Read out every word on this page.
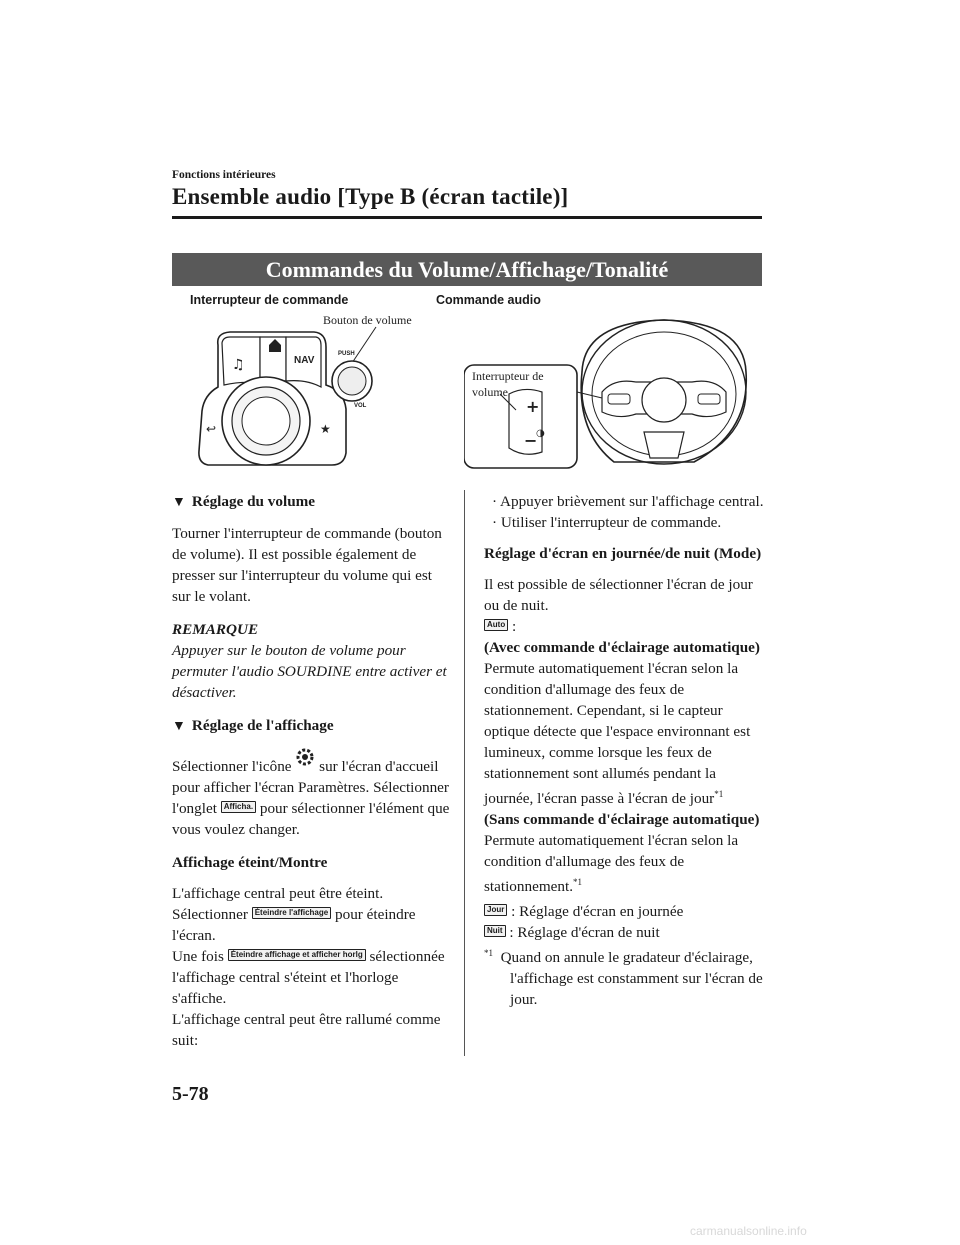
Fonctions intérieures
Ensemble audio [Type B (écran tactile)]
Commandes du Volume/Affichage/Tonalité
Interrupteur de commande
Bouton de volume
♫	NAV
↩	★
PUSH
VOL
Commande audio
+
◑
−
Interrupteur de
volume

▼ Réglage du volume

Tourner l'interrupteur de commande (bouton de volume). Il est possible également de presser sur l'interrupteur du volume qui est sur le volant.

REMARQUE

Appuyer sur le bouton de volume pour permuter l'audio SOURDINE entre activer et désactiver.

▼ Réglage de l'affichage

Sélectionner l'icône sur l'écran d'accueil pour afficher l'écran Paramètres. Sélectionner l'onglet Afficha. pour sélectionner l'élément que vous voulez changer.

Affichage éteint/Montre

L'affichage central peut être éteint.
Sélectionner Éteindre l'affichage pour éteindre l'écran.
Une fois Éteindre affichage et afficher horlg sélectionnée l'affichage central s'éteint et l'horloge s'affiche.
L'affichage central peut être rallumé comme suit:

· Appuyer brièvement sur l'affichage central.

· Utiliser l'interrupteur de commande.

Réglage d'écran en journée/de nuit (Mode)

Il est possible de sélectionner l'écran de jour ou de nuit.

Auto :

(Avec commande d'éclairage automatique)

Permute automatiquement l'écran selon la condition d'allumage des feux de stationnement. Cependant, si le capteur optique détecte que l'espace environnant est lumineux, comme lorsque les feux de stationnement sont allumés pendant la journée, l'écran passe à l'écran de jour$^{*1}$

(Sans commande d'éclairage automatique)

Permute automatiquement l'écran selon la condition d'allumage des feux de stationnement.$^{*1}$

Jour : Réglage d'écran en journée

Nuit : Réglage d'écran de nuit

$^{*1}$ Quand on annule le gradateur d'éclairage, l'affichage est constamment sur l'écran de jour.

5-78
carmanualsonline.info
